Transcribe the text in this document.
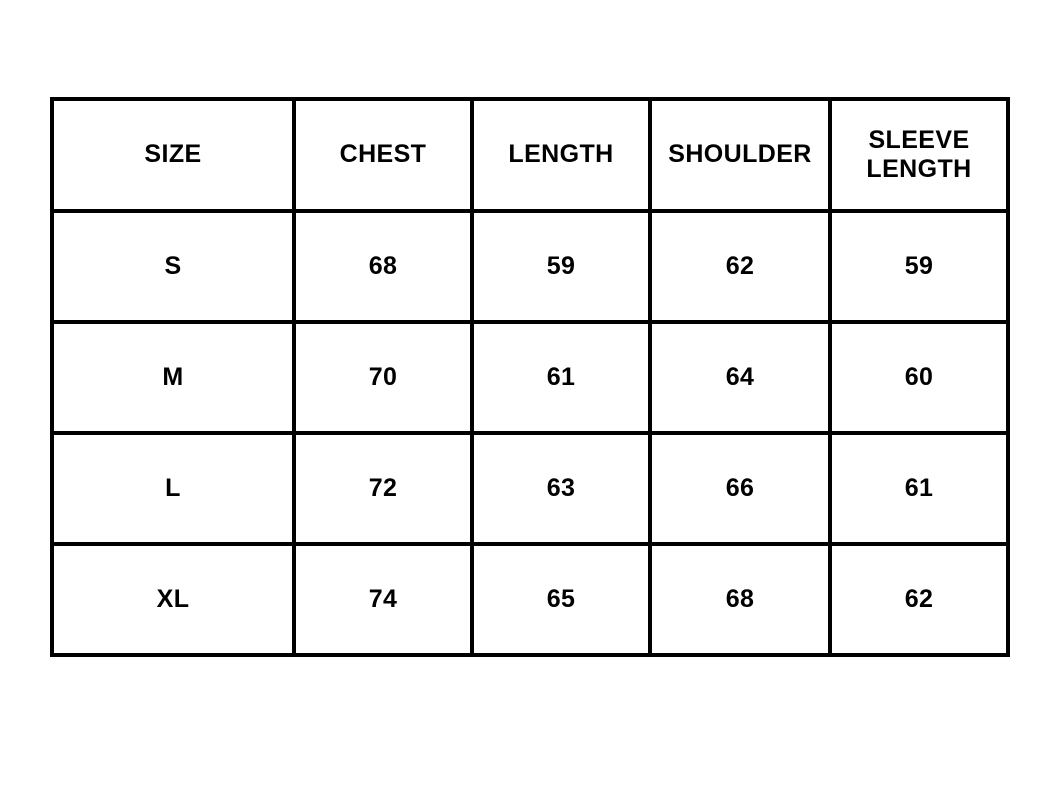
SIZE	CHEST	LENGTH	SHOULDER	SLEEVE
LENGTH

S	68	59	62	59
M	70	61	64	60
L	72	63	66	61
XL	74	65	68	62
